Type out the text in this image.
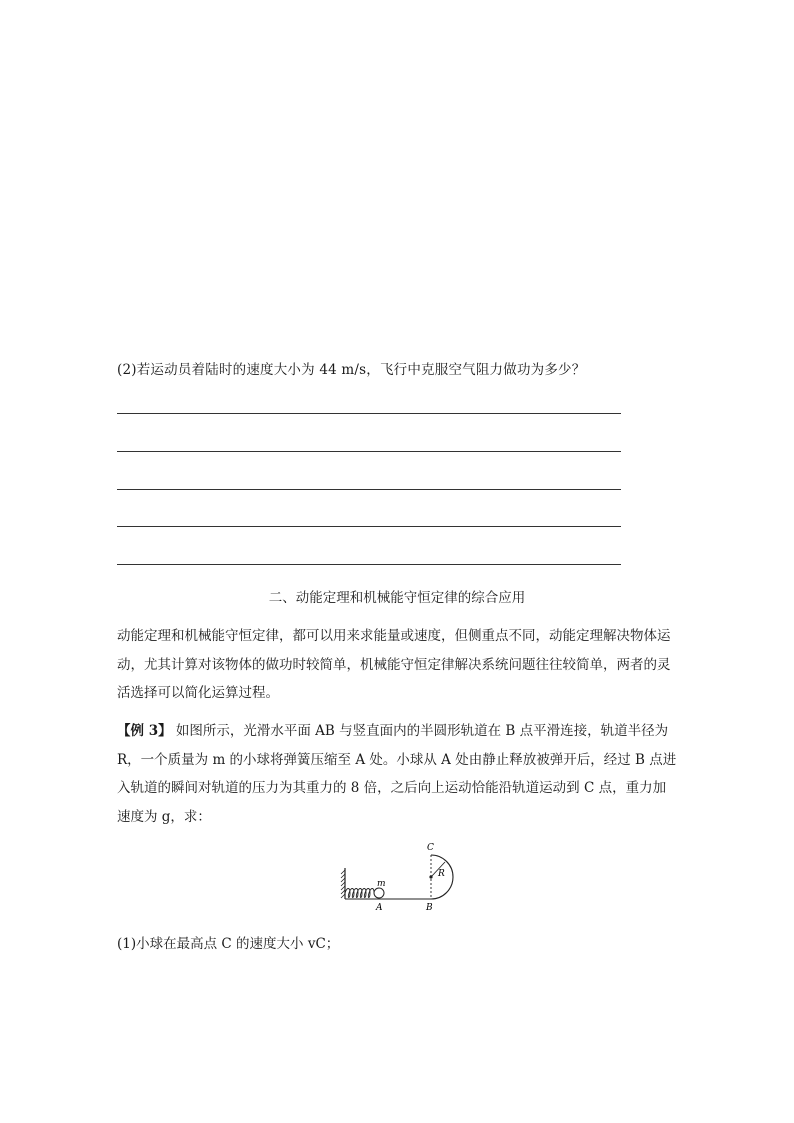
(2)若运动员着陆时的速度大小为 44 m/s，飞行中克服空气阻力做功为多少？
二、动能定理和机械能守恒定律的综合应用
动能定理和机械能守恒定律，都可以用来求能量或速度，但侧重点不同，动能定理解决物体运动，尤其计算对该物体的做功时较简单，机械能守恒定律解决系统问题往往较简单，两者的灵活选择可以简化运算过程。
【例 3】 如图所示，光滑水平面 AB 与竖直面内的半圆形轨道在 B 点平滑连接，轨道半径为 R，一个质量为 m 的小球将弹簧压缩至 A 处。小球从 A 处由静止释放被弹开后，经过 B 点进入轨道的瞬间对轨道的压力为其重力的 8 倍，之后向上运动恰能沿轨道运动到 C 点，重力加速度为 g，求：
C
R
m
A	B
(1)小球在最高点 C 的速度大小 vC；
